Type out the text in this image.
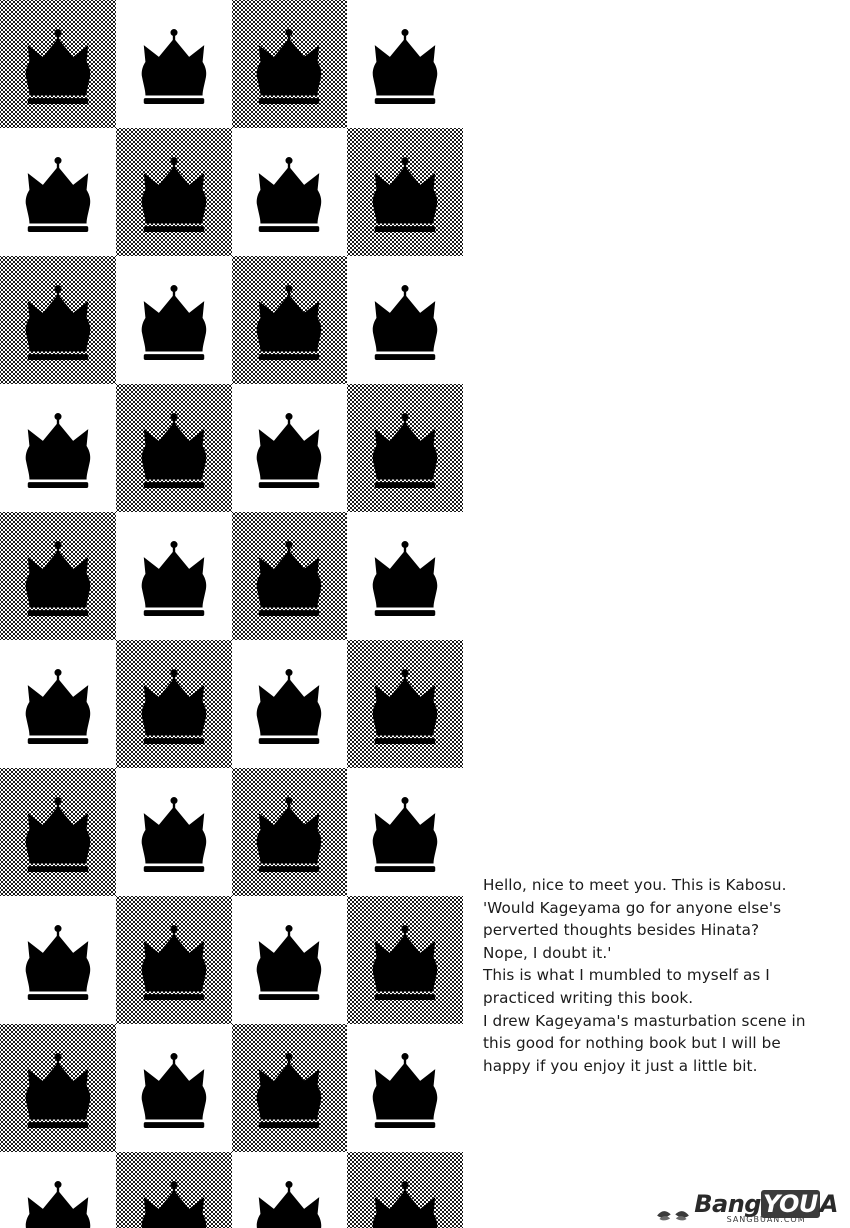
Hello, nice to meet you. This is Kabosu.
'Would Kageyama go for anyone else's
perverted thoughts besides Hinata?
Nope, I doubt it.'
This is what I mumbled to myself as I
practiced writing this book.
I drew Kageyama's masturbation scene in
this good for nothing book but I will be
happy if you enjoy it just a little bit.
BangYOUA
SANGBUAN.COM
